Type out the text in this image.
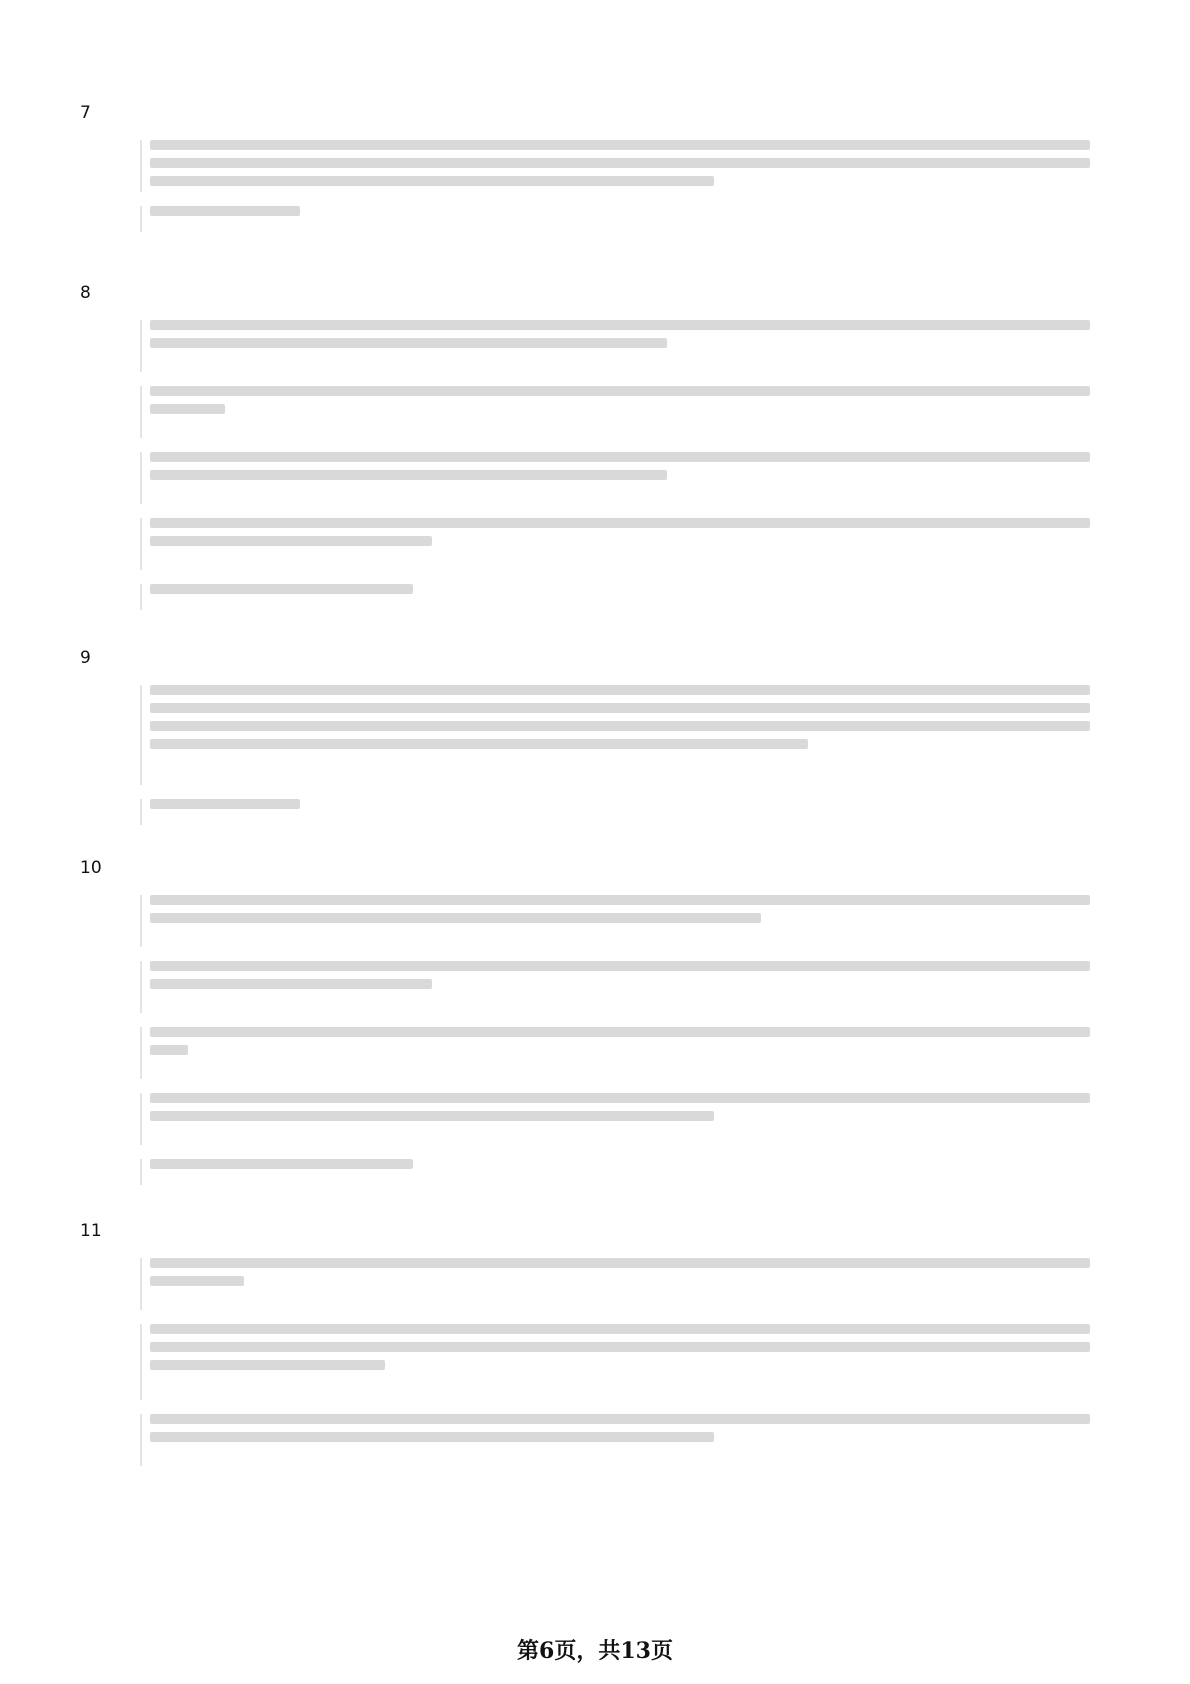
7
8
9
10
11
第6页，共13页
